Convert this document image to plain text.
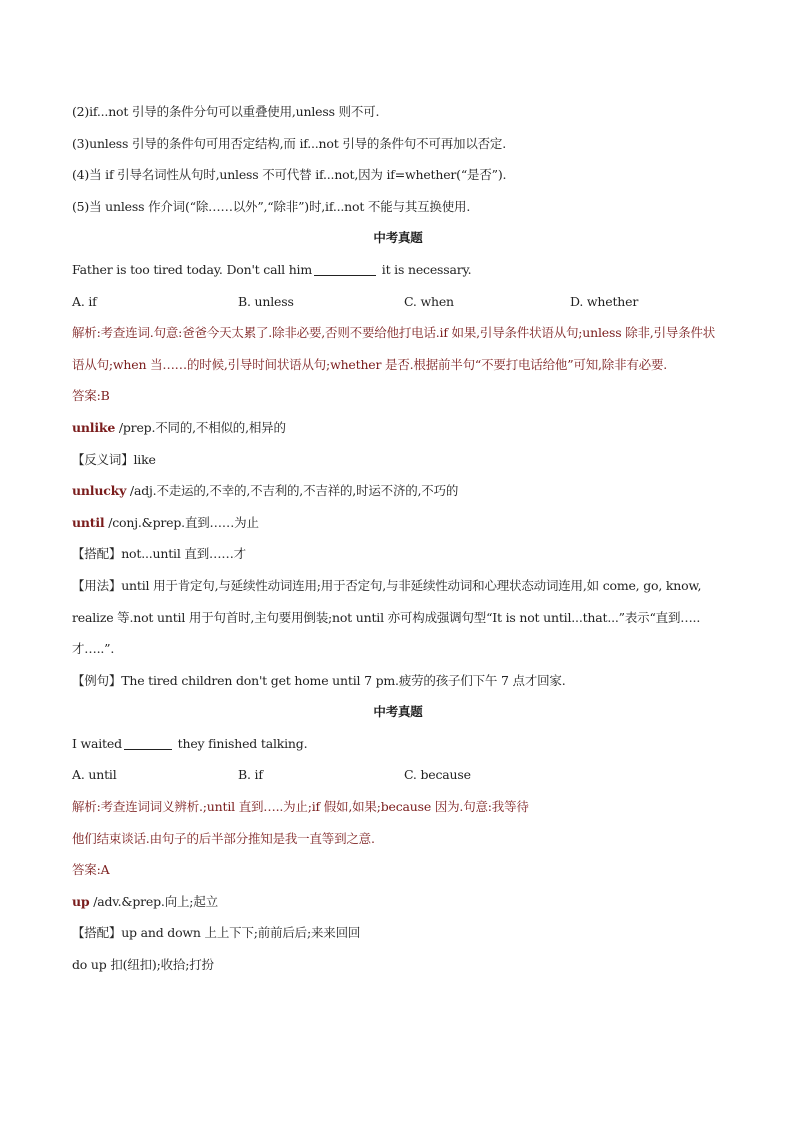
(2)if...not 引导的条件分句可以重叠使用,unless 则不可.
(3)unless 引导的条件句可用否定结构,而 if...not 引导的条件句不可再加以否定.
(4)当 if 引导名词性从句时,unless 不可代替 if...not,因为 if=whether(“是否”).
(5)当 unless 作介词(“除……以外”,“除非”)时,if...not 不能与其互换使用.
中考真题
Father is too tired today. Don't call him	it is necessary.
A. if	B. unless	C. when	D. whether
解析:考查连词.句意:爸爸今天太累了.除非必要,否则不要给他打电话.if 如果,引导条件状语从句;unless 除非,引导条件状语从句;when 当……的时候,引导时间状语从句;whether 是否.根据前半句“不要打电话给他”可知,除非有必要.
答案:B
unlike /prep.不同的,不相似的,相异的
【反义词】like
unlucky /adj.不走运的,不幸的,不吉利的,不吉祥的,时运不济的,不巧的
until /conj.&prep.直到……为止
【搭配】not...until 直到……才
【用法】until 用于肯定句,与延续性动词连用;用于否定句,与非延续性动词和心理状态动词连用,如 come, go, know, realize 等.not until 用于句首时,主句要用倒装;not until 亦可构成强调句型“It is not until...that...”表示“直到…..才…..”.
【例句】The tired children don't get home until 7 pm.疲劳的孩子们下午 7 点才回家.
中考真题
I waited	they finished talking.
A. until	B. if	C. because
解析:考查连词词义辨析.;until 直到…..为止;if 假如,如果;because 因为.句意:我等待
他们结束谈话.由句子的后半部分推知是我一直等到之意.
答案:A
up /adv.&prep.向上;起立
【搭配】up and down 上上下下;前前后后;来来回回
do up 扣(纽扣);收拾;打扮
